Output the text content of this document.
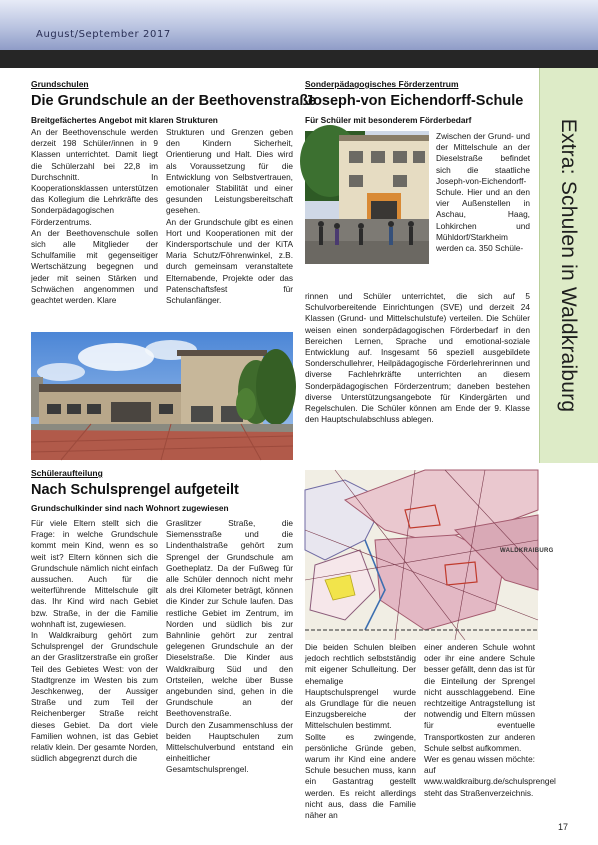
August/September 2017
Extra: Schulen in Waldkraiburg
Grundschulen
Die Grundschule an der Beethovenstraße
Breitgefächertes Angebot mit klaren Strukturen

An der Beethovenschule werden derzeit 198 Schüler/innen in 9 Klassen unterrichtet. Damit liegt die Schülerzahl bei 22,8 im Durchschnitt. In Kooperationsklassen unterstützen das Kollegium die Lehrkräfte des Sonderpädagogischen Förderzentrums.

An der Beethovenschule sollen sich alle Mitglieder der Schulfamilie mit gegenseitiger Wertschätzung begegnen und jeder mit seinen Stärken und Schwächen angenommen und geachtet werden. Klare

Strukturen und Grenzen geben den Kindern Sicherheit, Orientierung und Halt. Dies wird als Voraussetzung für die Entwicklung von Selbstvertrauen, emotionaler Stabilität und einer gesunden Leistungsbereitschaft gesehen.

An der Grundschule gibt es einen Hort und Kooperationen mit der Kindersportschule und der KiTA Maria Schutz/Föhrenwinkel, z.B. durch gemeinsam veranstaltete Elternabende, Projekte oder das Patenschaftsfest für Schulanfänger.

Sonderpädagogisches Förderzentrum
Joseph-von Eichendorff-Schule
Für Schüler mit besonderem Förderbedarf

Zwischen der Grund- und der Mittelschule an der Dieselstraße befindet sich die staatliche Joseph-von-Eichendorff-Schule. Hier und an den vier Außenstellen in Aschau, Haag, Lohkirchen und Mühldorf/Starkheim werden ca. 350 Schüle-

rinnen und Schüler unterrichtet, die sich auf 5 Schulvorbereitende Einrichtungen (SVE) und derzeit 24 Klassen (Grund- und Mittelschulstufe) verteilen. Die Schüler weisen einen sonderpädagogischen Förderbedarf in den Bereichen Lernen, Sprache und emotional-soziale Entwicklung auf. Insgesamt 56 speziell ausgebildete Sonderschullehrer, Heilpädagogische Förderlehrerinnen und diverse Fachlehrkräfte unterrichten an diesem Sonderpädagogischen Förderzentrum; daneben bestehen diverse Unterstützungsangebote für Kindergärten und Regelschulen. Die Schüler können am Ende der 9. Klasse den Hauptschulabschluss ablegen.

Schüleraufteilung
Nach Schulsprengel aufgeteilt
Grundschulkinder sind nach Wohnort zugewiesen

Für viele Eltern stellt sich die Frage: in welche Grundschule kommt mein Kind, wenn es so weit ist? Eltern können sich die Grundschule nämlich nicht einfach aussuchen. Auch für die weiterführende Mittelschule gilt das. Ihr Kind wird nach Gebiet bzw. Straße, in der die Familie wohnhaft ist, zugewiesen.

In Waldkraiburg gehört zum Schulsprengel der Grundschule an der Graslitzerstraße ein großer Teil des Gebietes West: von der Stadtgrenze im Westen bis zum Jeschkenweg, der Aussiger Straße und zum Teil der Reichenberger Straße reicht dieses Gebiet. Da dort viele Familien wohnen, ist das Gebiet relativ klein. Der gesamte Norden, südlich abgegrenzt durch die

Graslitzer Straße, die Siemensstraße und die Lindenthalstraße gehört zum Sprengel der Grundschule am Goetheplatz. Da der Fußweg für alle Schüler dennoch nicht mehr als drei Kilometer beträgt, können die Kinder zur Schule laufen. Das restliche Gebiet im Zentrum, im Norden und südlich bis zur Bahnlinie gehört zur zentral gelegenen Grundschule an der Dieselstraße. Die Kinder aus Waldkraiburg Süd und den Ortsteilen, welche über Busse angebunden sind, gehen in die Grundschule an der Beethovenstraße.

Durch den Zusammenschluss der beiden Hauptschulen zum Mittelschulverbund entstand ein einheitlicher Gesamtschulsprengel.

WALDKRAIBURG

Die beiden Schulen bleiben jedoch rechtlich selbstständig mit eigener Schulleitung. Der ehemalige Hauptschulsprengel wurde als Grundlage für die neuen Einzugsbereiche der Mittelschulen bestimmt.

Sollte es zwingende, persönliche Gründe geben, warum ihr Kind eine andere Schule besuchen muss, kann ein Gastantrag gestellt werden. Es reicht allerdings nicht aus, dass die Familie näher an

einer anderen Schule wohnt oder ihr eine andere Schule besser gefällt, denn das ist für die Einteilung der Sprengel nicht ausschlaggebend. Eine rechtzeitige Antragstellung ist notwendig und Eltern müssen für eventuelle Transportkosten zur anderen Schule selbst aufkommen.

Wer es genau wissen möchte: auf www.waldkraiburg.de/schulsprengel steht das Straßenverzeichnis.

17
